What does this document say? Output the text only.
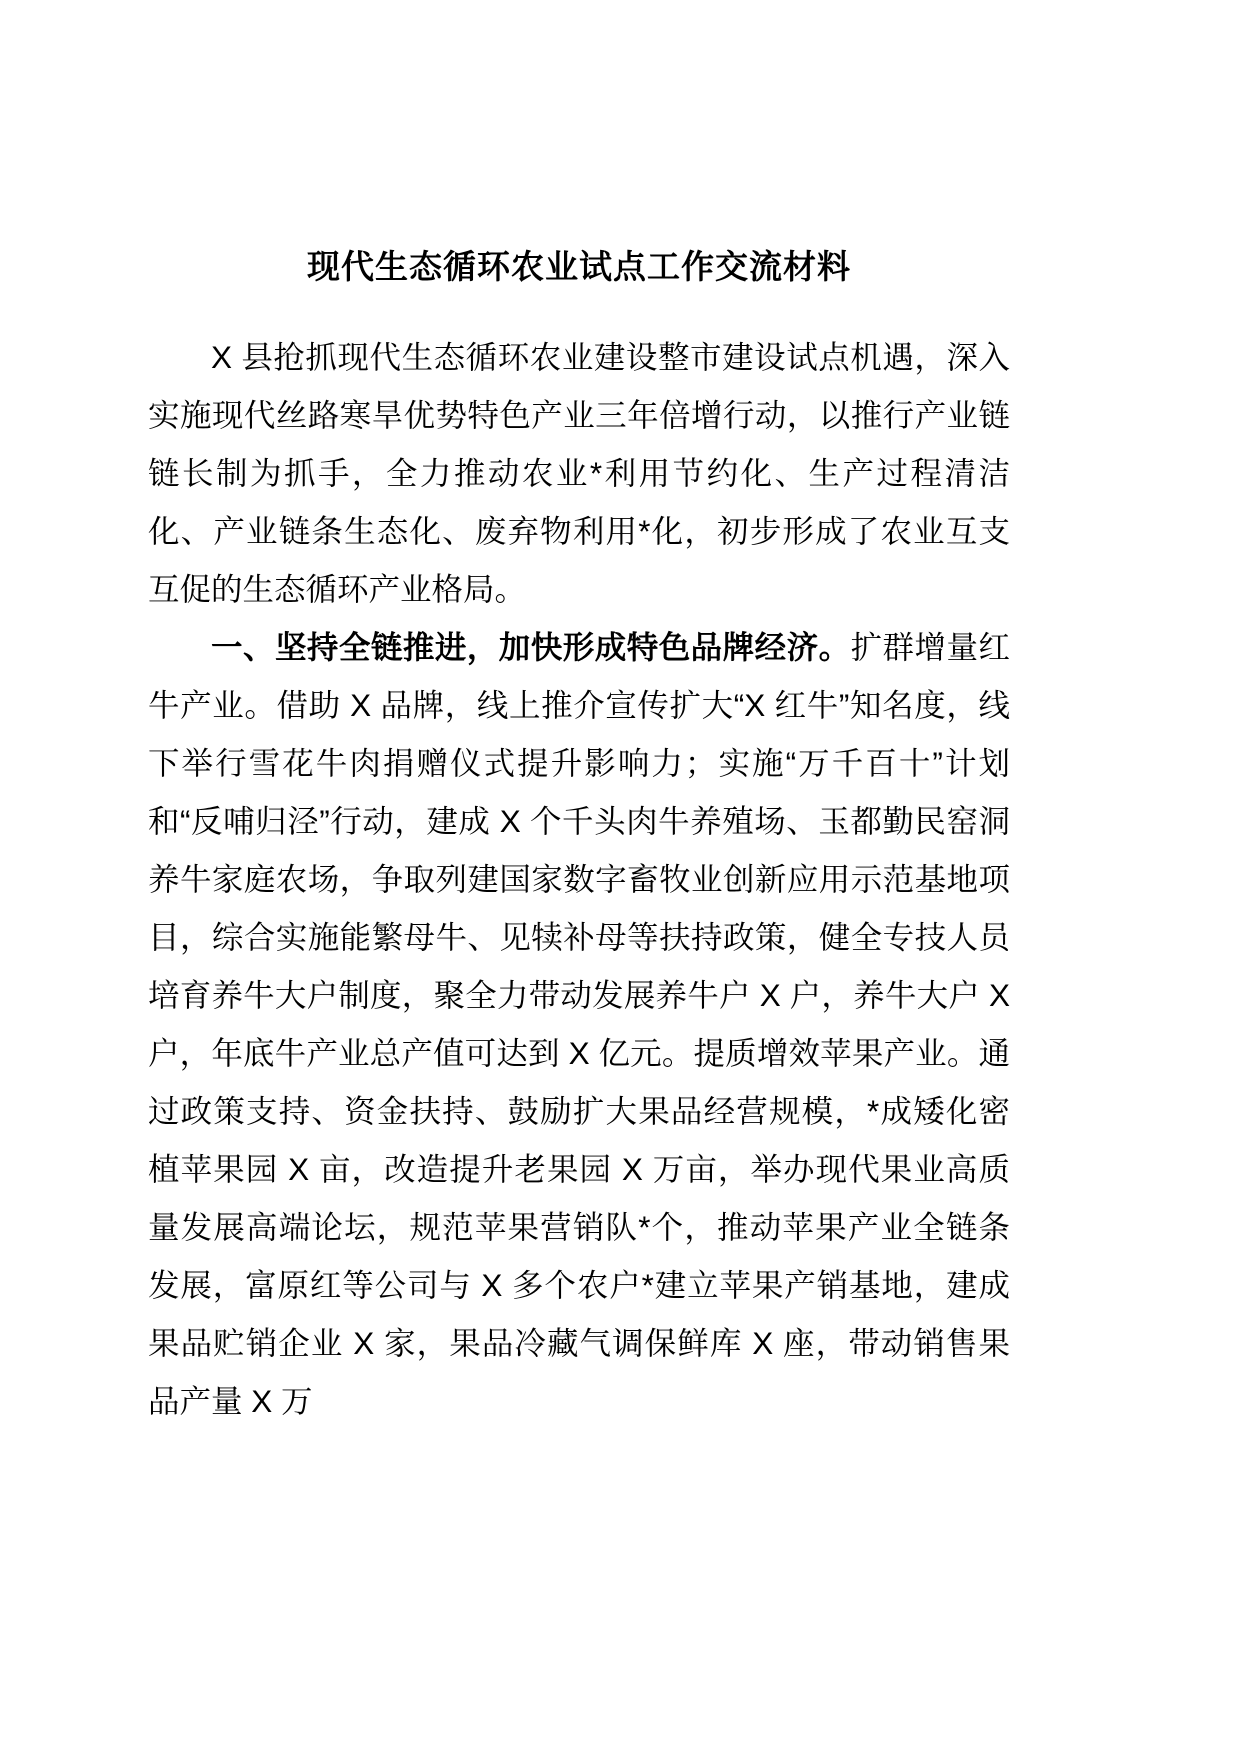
现代生态循环农业试点工作交流材料

X 县抢抓现代生态循环农业建设整市建设试点机遇，深入实施现代丝路寒旱优势特色产业三年倍增行动，以推行产业链链长制为抓手，全力推动农业*利用节约化、生产过程清洁化、产业链条生态化、废弃物利用*化，初步形成了农业互支互促的生态循环产业格局。

一、坚持全链推进，加快形成特色品牌经济。扩群增量红牛产业。借助 X 品牌，线上推介宣传扩大“X 红牛”知名度，线下举行雪花牛肉捐赠仪式提升影响力；实施“万千百十”计划和“反哺归泾”行动，建成 X 个千头肉牛养殖场、玉都勤民窑洞养牛家庭农场，争取列建国家数字畜牧业创新应用示范基地项目，综合实施能繁母牛、见犊补母等扶持政策，健全专技人员培育养牛大户制度，聚全力带动发展养牛户 X 户，养牛大户 X 户，年底牛产业总产值可达到 X 亿元。提质增效苹果产业。通过政策支持、资金扶持、鼓励扩大果品经营规模，*成矮化密植苹果园 X 亩，改造提升老果园 X 万亩，举办现代果业高质量发展高端论坛，规范苹果营销队*个，推动苹果产业全链条发展，富原红等公司与 X 多个农户*建立苹果产销基地，建成果品贮销企业 X 家，果品冷藏气调保鲜库 X 座，带动销售果品产量 X 万
